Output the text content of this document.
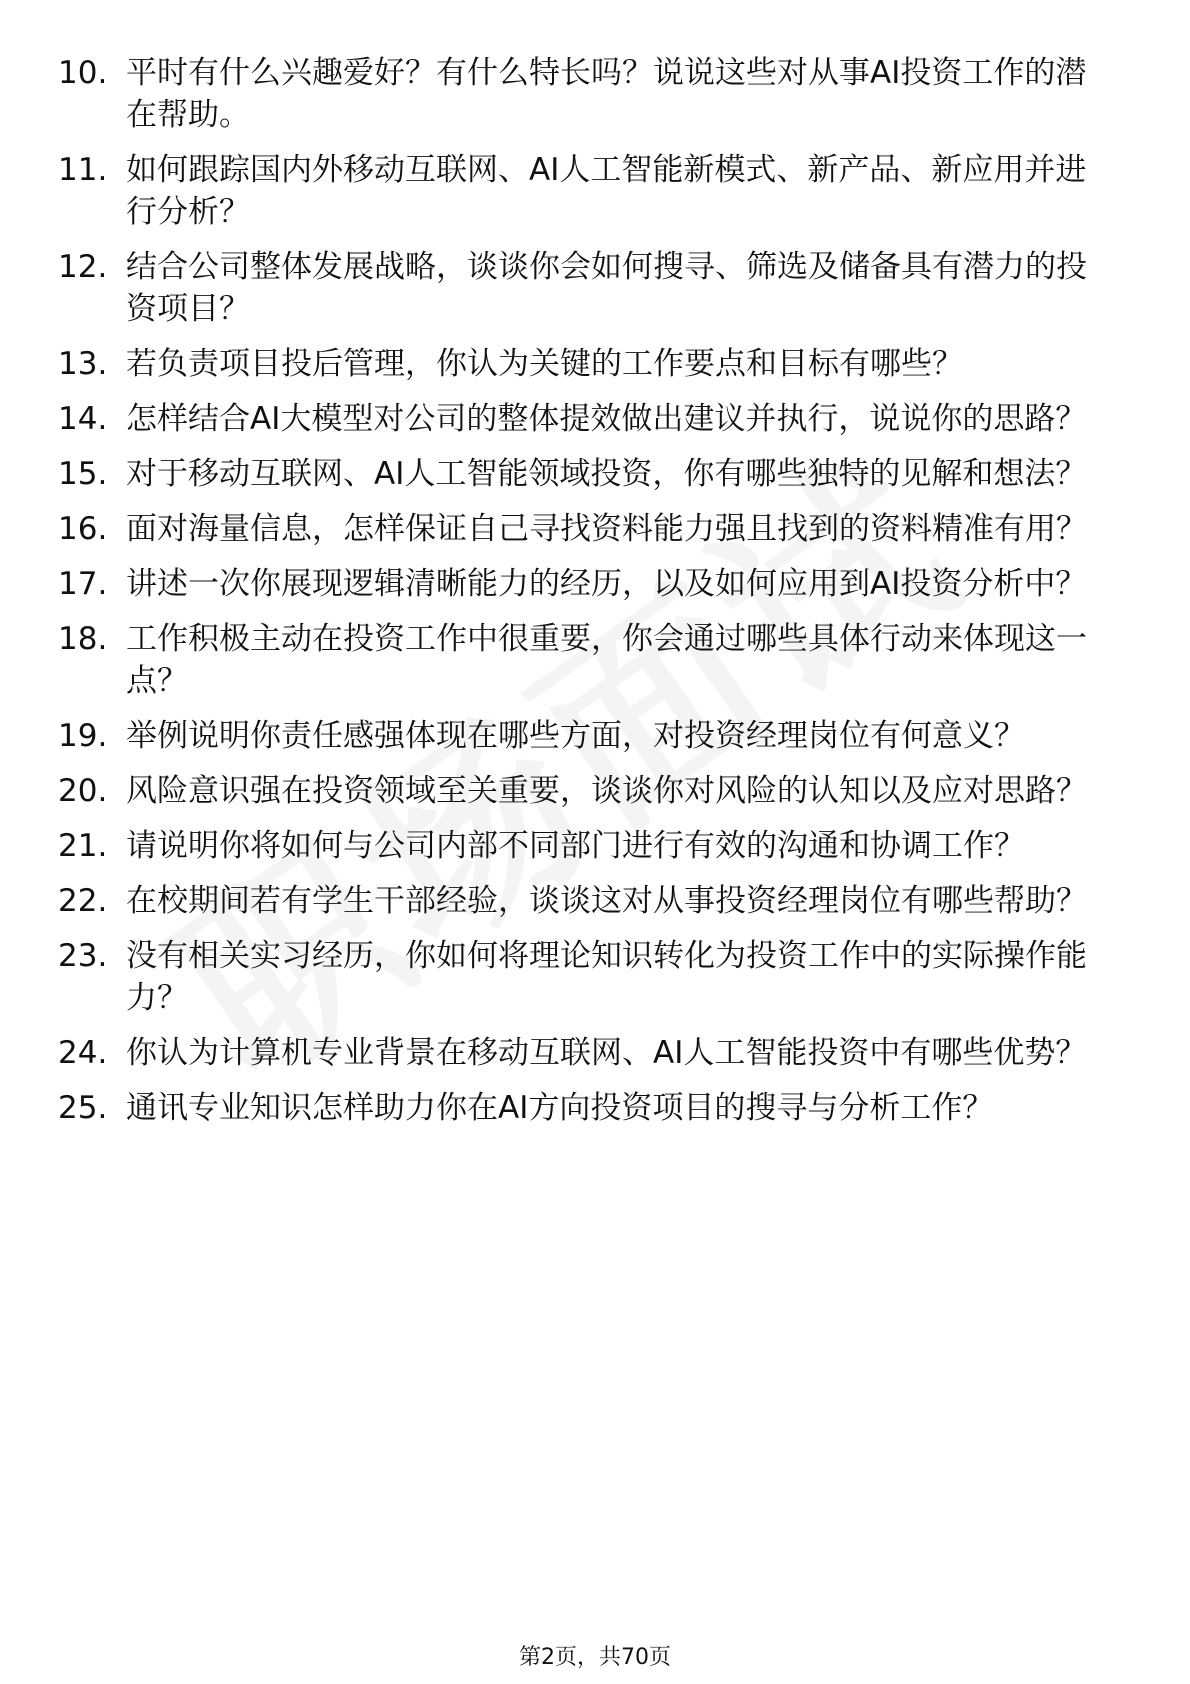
10. 平时有什么兴趣爱好？有什么特长吗？说说这些对从事AI投资工作的潜在帮助。
11. 如何跟踪国内外移动互联网、AI人工智能新模式、新产品、新应用并进行分析？
12. 结合公司整体发展战略，谈谈你会如何搜寻、筛选及储备具有潜力的投资项目？
13. 若负责项目投后管理，你认为关键的工作要点和目标有哪些？
14. 怎样结合AI大模型对公司的整体提效做出建议并执行，说说你的思路？
15. 对于移动互联网、AI人工智能领域投资，你有哪些独特的见解和想法？
16. 面对海量信息，怎样保证自己寻找资料能力强且找到的资料精准有用？
17. 讲述一次你展现逻辑清晰能力的经历，以及如何应用到AI投资分析中？
18. 工作积极主动在投资工作中很重要，你会通过哪些具体行动来体现这一点？
19. 举例说明你责任感强体现在哪些方面，对投资经理岗位有何意义？
20. 风险意识强在投资领域至关重要，谈谈你对风险的认知以及应对思路？
21. 请说明你将如何与公司内部不同部门进行有效的沟通和协调工作？
22. 在校期间若有学生干部经验，谈谈这对从事投资经理岗位有哪些帮助？
23. 没有相关实习经历，你如何将理论知识转化为投资工作中的实际操作能力？
24. 你认为计算机专业背景在移动互联网、AI人工智能投资中有哪些优势？
25. 通讯专业知识怎样助力你在AI方向投资项目的搜寻与分析工作？
第2页，共70页
